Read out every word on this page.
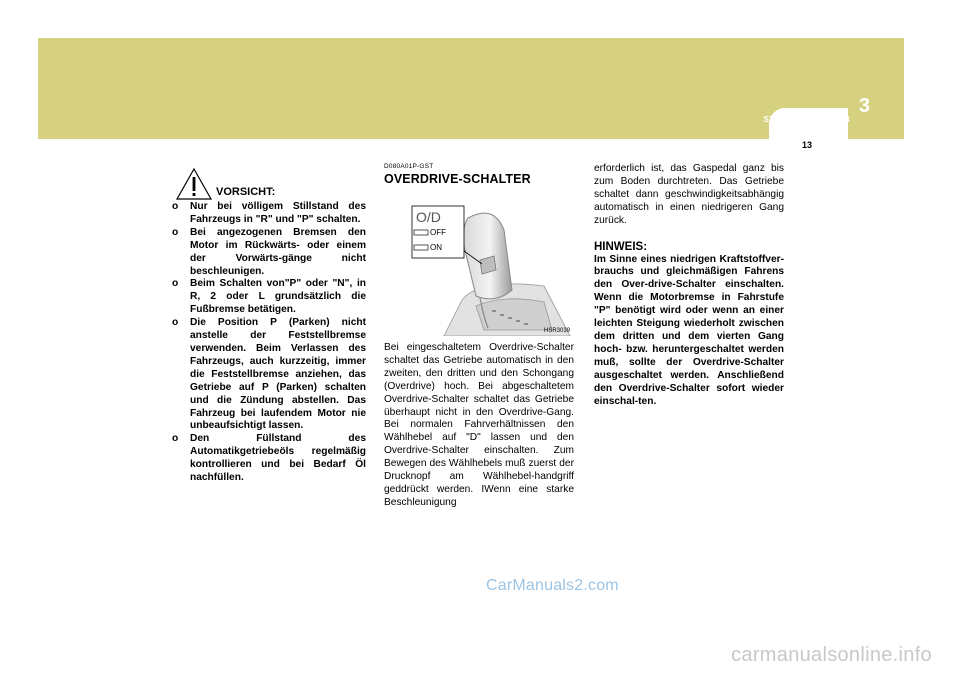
3
START UND BETRIEB
13
VORSICHT:
o Nur bei völligem Stillstand des Fahrzeugs in "R" und "P" schalten.
o Bei angezogenen Bremsen den Motor im Rückwärts- oder einem der Vorwärts-gänge nicht beschleunigen.
o Beim Schalten von"P" oder "N", in R, 2 oder L grundsätzlich die Fußbremse betätigen.
o Die Position P (Parken) nicht anstelle der Feststellbremse verwenden. Beim Verlassen des Fahrzeugs, auch kurzzeitig, immer die Feststellbremse anziehen, das Getriebe auf P (Parken) schalten und die Zündung abstellen. Das Fahrzeug bei laufendem Motor nie unbeaufsichtigt lassen.
o Den Füllstand des Automatikgetriebeöls regelmäßig kontrollieren und bei Bedarf Öl nachfüllen.
D080A01P-GST
OVERDRIVE-SCHALTER
O/D
OFF
ON
HSR3039
Bei eingeschaltetem Overdrive-Schalter schaltet das Getriebe automatisch in den zweiten, den dritten und den Schongang (Overdrive) hoch. Bei abgeschaltetem Overdrive-Schalter schaltet das Getriebe überhaupt nicht in den Overdrive-Gang. Bei normalen Fahrverhältnissen den Wählhebel auf "D" lassen und den Overdrive-Schalter einschalten. Zum Bewegen des Wählhebels muß zuerst der Drucknopf am Wählhebel-handgriff geddrückt werden. IWenn eine starke Beschleunigung
erforderlich ist, das Gaspedal ganz bis zum Boden durchtreten. Das Getriebe schaltet dann geschwindigkeitsabhängig automatisch in einen niedrigeren Gang zurück.
HINWEIS:
Im Sinne eines niedrigen Kraftstoffver-brauchs und gleichmäßigen Fahrens den Over-drive-Schalter einschalten. Wenn die Motorbremse in Fahrstufe "P" benötigt wird oder wenn an einer leichten Steigung wiederholt zwischen dem dritten und dem vierten Gang hoch- bzw. heruntergeschaltet werden muß, sollte der Overdrive-Schalter ausgeschaltet werden. Anschließend den Overdrive-Schalter sofort wieder einschal-ten.
CarManuals2.com
carmanualsonline.info
